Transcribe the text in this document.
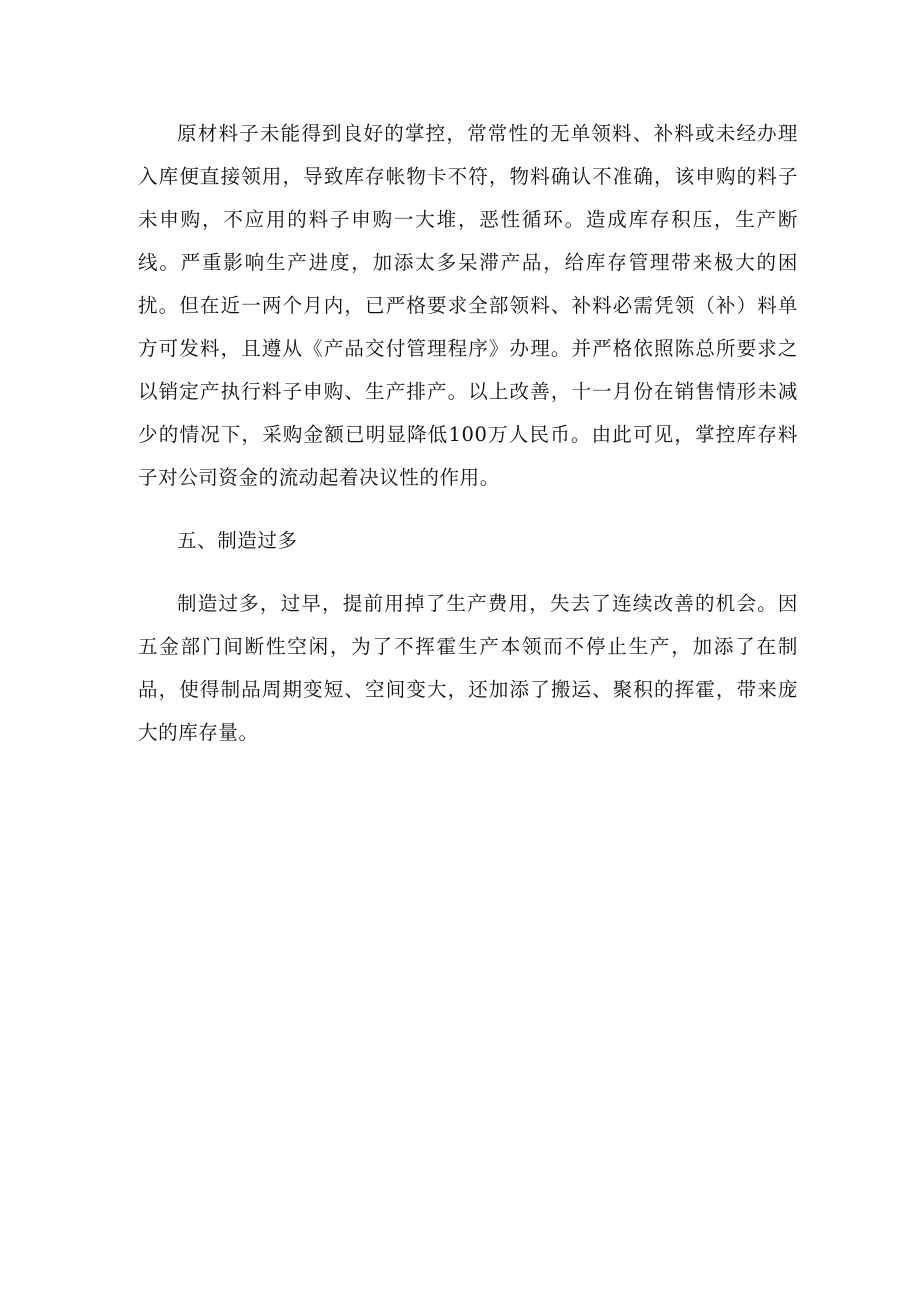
原材料子未能得到良好的掌控，常常性的无单领料、补料或未经办理入库便直接领用，导致库存帐物卡不符，物料确认不准确，该申购的料子未申购，不应用的料子申购一大堆，恶性循环。造成库存积压，生产断线。严重影响生产进度，加添太多呆滞产品，给库存管理带来极大的困扰。但在近一两个月内，已严格要求全部领料、补料必需凭领（补）料单方可发料，且遵从《产品交付管理程序》办理。并严格依照陈总所要求之以销定产执行料子申购、生产排产。以上改善，十一月份在销售情形未减少的情况下，采购金额已明显降低100万人民币。由此可见，掌控库存料子对公司资金的流动起着决议性的作用。

五、制造过多

制造过多，过早，提前用掉了生产费用，失去了连续改善的机会。因五金部门间断性空闲，为了不挥霍生产本领而不停止生产，加添了在制品，使得制品周期变短、空间变大，还加添了搬运、聚积的挥霍，带来庞大的库存量。
